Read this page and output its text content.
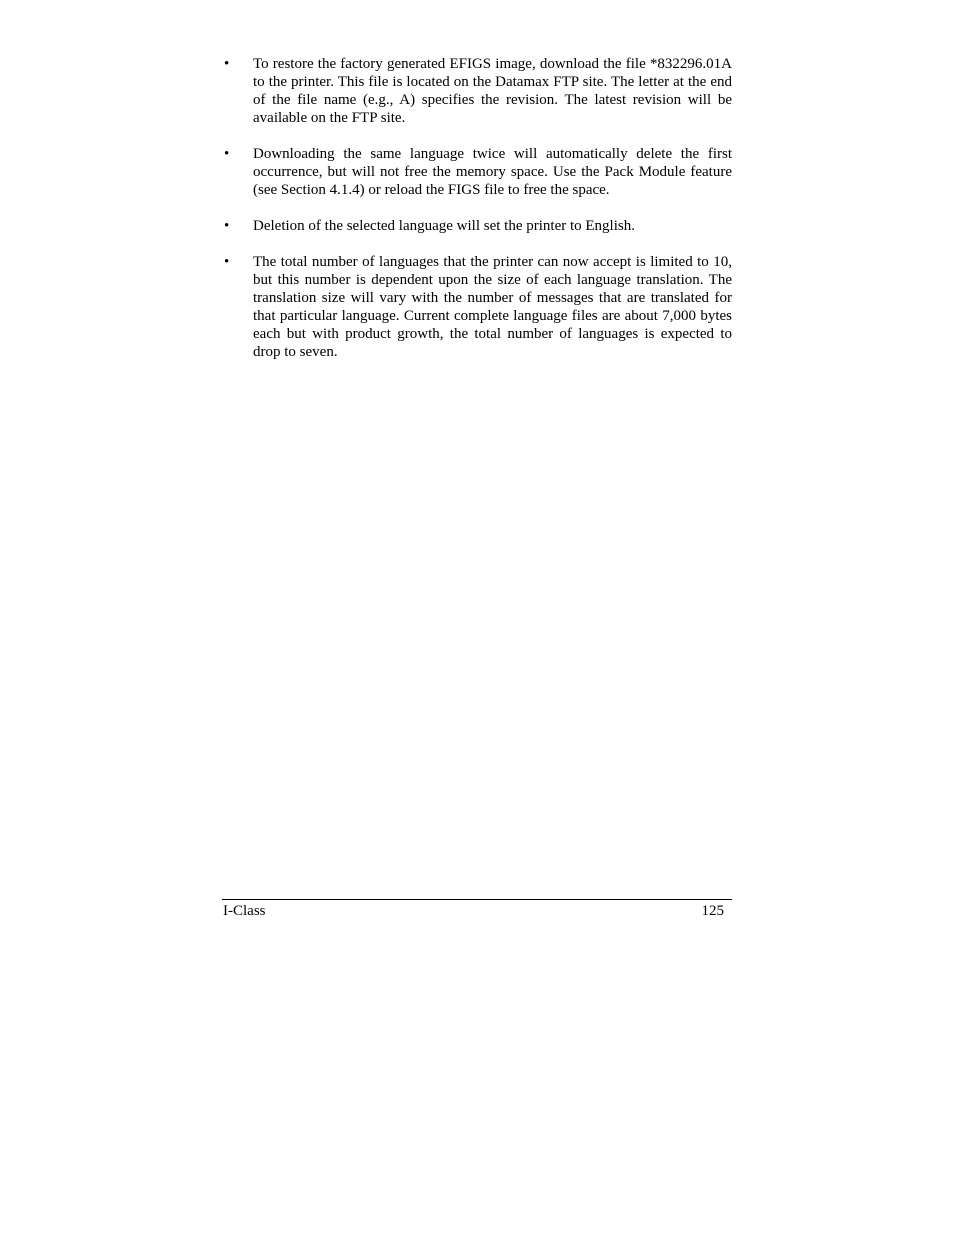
• To restore the factory generated EFIGS image, download the file *832296.01A to the printer. This file is located on the Datamax FTP site. The letter at the end of the file name (e.g., A) specifies the revision. The latest revision will be available on the FTP site.
• Downloading the same language twice will automatically delete the first occurrence, but will not free the memory space. Use the Pack Module feature (see Section 4.1.4) or reload the FIGS file to free the space.
• Deletion of the selected language will set the printer to English.
• The total number of languages that the printer can now accept is limited to 10, but this number is dependent upon the size of each language translation. The translation size will vary with the number of messages that are translated for that particular language. Current complete language files are about 7,000 bytes each but with product growth, the total number of languages is expected to drop to seven.
I-Class	125
